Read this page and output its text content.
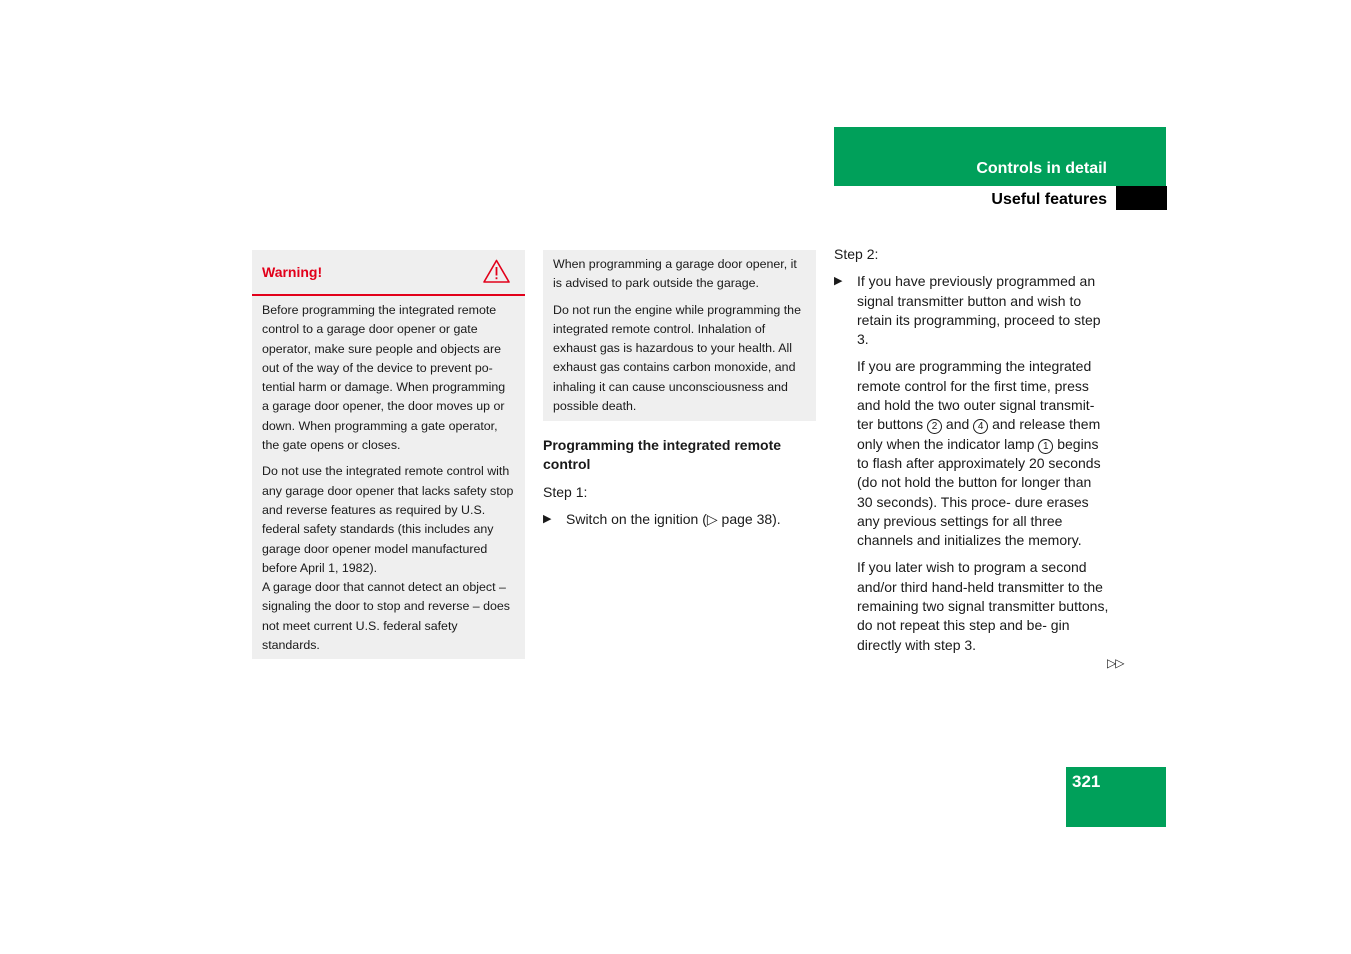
Controls in detail
Useful features
Warning!

Before programming the integrated remote control to a garage door opener or gate operator, make sure people and objects are out of the way of the device to prevent po- tential harm or damage. When programming a garage door opener, the door moves up or down. When programming a gate operator, the gate opens or closes.

Do not use the integrated remote control with any garage door opener that lacks safety stop and reverse features as required by U.S. federal safety standards (this includes any garage door opener model manufactured before April 1, 1982).

A garage door that cannot detect an object – signaling the door to stop and reverse – does not meet current U.S. federal safety standards.

When programming a garage door opener, it is advised to park outside the garage.

Do not run the engine while programming the integrated remote control. Inhalation of exhaust gas is hazardous to your health. All exhaust gas contains carbon monoxide, and inhaling it can cause unconsciousness and possible death.

Programming the integrated remote control

Step 1:

▶ Switch on the ignition (▷ page 38).

Step 2:

▶ If you have previously programmed an signal transmitter button and wish to retain its programming, proceed to step 3.

If you are programming the integrated remote control for the first time, press and hold the two outer signal transmit- ter buttons 2 and 4 and release them only when the indicator lamp 1 begins to flash after approximately 20 seconds (do not hold the button for longer than 30 seconds). This proce- dure erases any previous settings for all three channels and initializes the memory.

If you later wish to program a second and/or third hand-held transmitter to the remaining two signal transmitter buttons, do not repeat this step and be- gin directly with step 3.

▷▷
321
